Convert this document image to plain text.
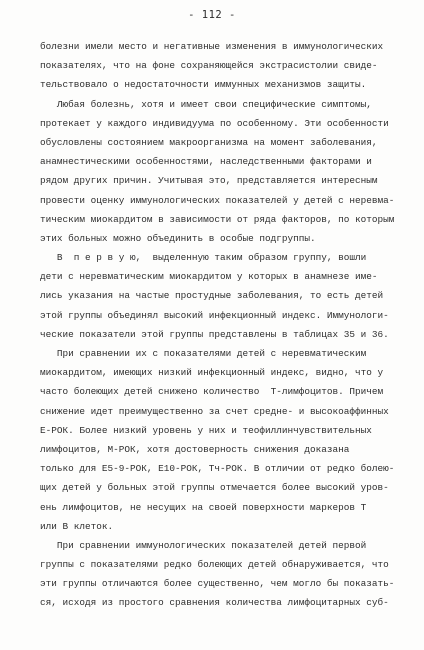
- 112 -
болезни имели место и негативные изменения в иммунологических
показателях, что на фоне сохраняющейся экстрасистолии свиде-
тельствовало о недостаточности иммунных механизмов защиты.
Любая болезнь, хотя и имеет свои специфические симптомы,
протекает у каждого индивидуума по особенному. Эти особенности
обусловлены состоянием макроорганизма на момент заболевания,
анамнестическими особенностями, наследственными факторами и
рядом других причин. Учитывая это, представляется интересным
провести оценку иммунологических показателей у детей с неревма-
тическим миокардитом в зависимости от ряда факторов, по которым
этих больных можно объединить в особые подгруппы.
В  п е р в у ю,  выделенную таким образом группу, вошли
дети с неревматическим миокардитом у которых в анамнезе име-
лись указания на частые простудные заболевания, то есть детей
этой группы объединял высокий инфекционный индекс. Иммунологи-
ческие показатели этой группы представлены в таблицах 35 и 36.
При сравнении их с показателями детей с неревматическим
миокардитом, имеющих низкий инфекционный индекс, видно, что у
часто болеющих детей снижено количество  Т-лимфоцитов. Причем
снижение идет преимущественно за счет средне- и высокоаффинных
Е-РОК. Более низкий уровень у них и теофиллинчувствительных
лимфоцитов, М-РОК, хотя достоверность снижения доказана
только для Е5-9-РОК, Е10-РОК, Тч-РОК. В отличии от редко болею-
щих детей у больных этой группы отмечается более высокий уров-
ень лимфоцитов, не несущих на своей поверхности маркеров Т
или В клеток.
При сравнении иммунологических показателей детей первой
группы с показателями редко болеющих детей обнаруживается, что
эти группы отличаются более существенно, чем могло бы показать-
ся, исходя из простого сравнения количества лимфоцитарных суб-
